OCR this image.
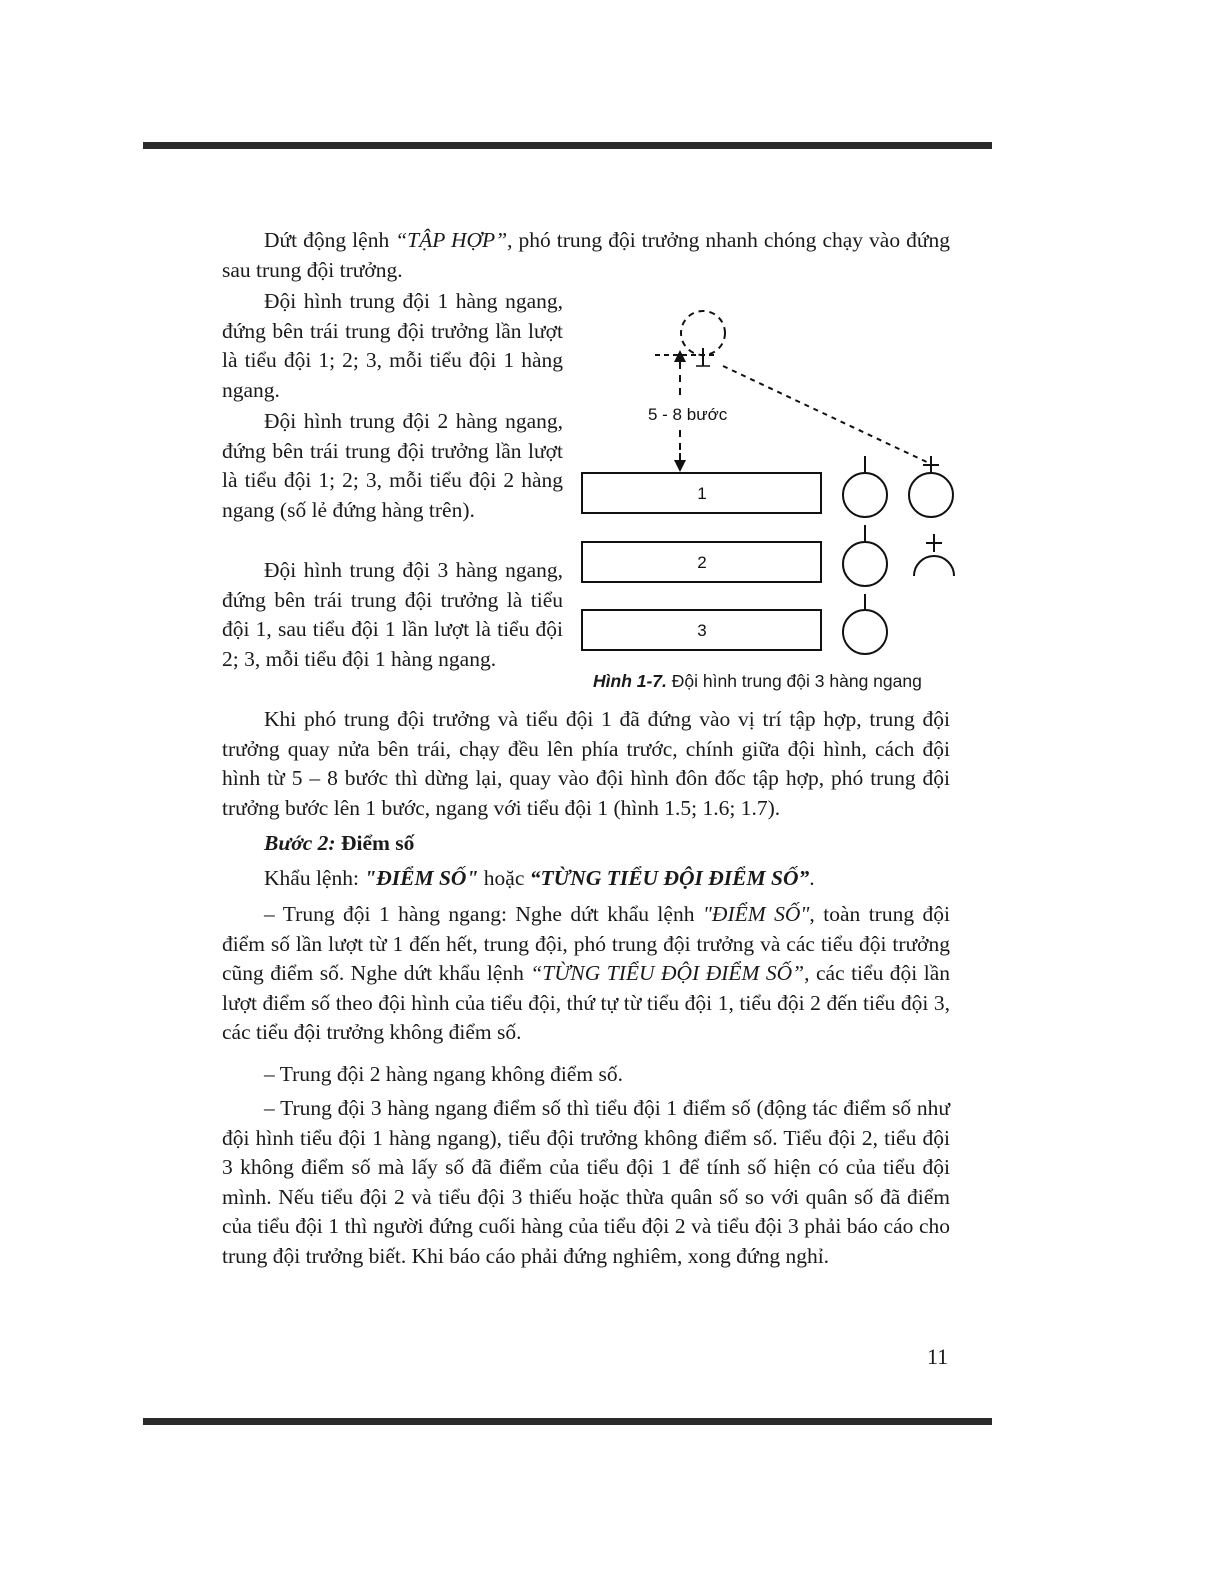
Dứt động lệnh “TẬP HỢP”, phó trung đội trưởng nhanh chóng chạy vào đứng sau trung đội trưởng.

Đội hình trung đội 1 hàng ngang, đứng bên trái trung đội trưởng lần lượt là tiểu đội 1; 2; 3, mỗi tiểu đội 1 hàng ngang.

Đội hình trung đội 2 hàng ngang, đứng bên trái trung đội trưởng lần lượt là tiểu đội 1; 2; 3, mỗi tiểu đội 2 hàng ngang (số lẻ đứng hàng trên).

Đội hình trung đội 3 hàng ngang, đứng bên trái trung đội trưởng là tiểu đội 1, sau tiểu đội 1 lần lượt là tiểu đội 2; 3, mỗi tiểu đội 1 hàng ngang.

5 - 8 bước
1
2
3
Hình 1-7. Đội hình trung đội 3 hàng ngang

Khi phó trung đội trưởng và tiểu đội 1 đã đứng vào vị trí tập hợp, trung đội trưởng quay nửa bên trái, chạy đều lên phía trước, chính giữa đội hình, cách đội hình từ 5 – 8 bước thì dừng lại, quay vào đội hình đôn đốc tập hợp, phó trung đội trưởng bước lên 1 bước, ngang với tiểu đội 1 (hình 1.5; 1.6; 1.7).

Bước 2: Điểm số

Khẩu lệnh: "ĐIỂM SỐ" hoặc “TỪNG TIỂU ĐỘI ĐIỂM SỐ”.

– Trung đội 1 hàng ngang: Nghe dứt khẩu lệnh "ĐIỂM SỐ", toàn trung đội điểm số lần lượt từ 1 đến hết, trung đội, phó trung đội trưởng và các tiểu đội trưởng cũng điểm số. Nghe dứt khẩu lệnh “TỪNG TIỂU ĐỘI ĐIỂM SỐ”, các tiểu đội lần lượt điểm số theo đội hình của tiểu đội, thứ tự từ tiểu đội 1, tiểu đội 2 đến tiểu đội 3, các tiểu đội trưởng không điểm số.

– Trung đội 2 hàng ngang không điểm số.

– Trung đội 3 hàng ngang điểm số thì tiểu đội 1 điểm số (động tác điểm số như đội hình tiểu đội 1 hàng ngang), tiểu đội trưởng không điểm số. Tiểu đội 2, tiểu đội 3 không điểm số mà lấy số đã điểm của tiểu đội 1 để tính số hiện có của tiểu đội mình. Nếu tiểu đội 2 và tiểu đội 3 thiếu hoặc thừa quân số so với quân số đã điểm của tiểu đội 1 thì người đứng cuối hàng của tiểu đội 2 và tiểu đội 3 phải báo cáo cho trung đội trưởng biết. Khi báo cáo phải đứng nghiêm, xong đứng nghỉ.

11
